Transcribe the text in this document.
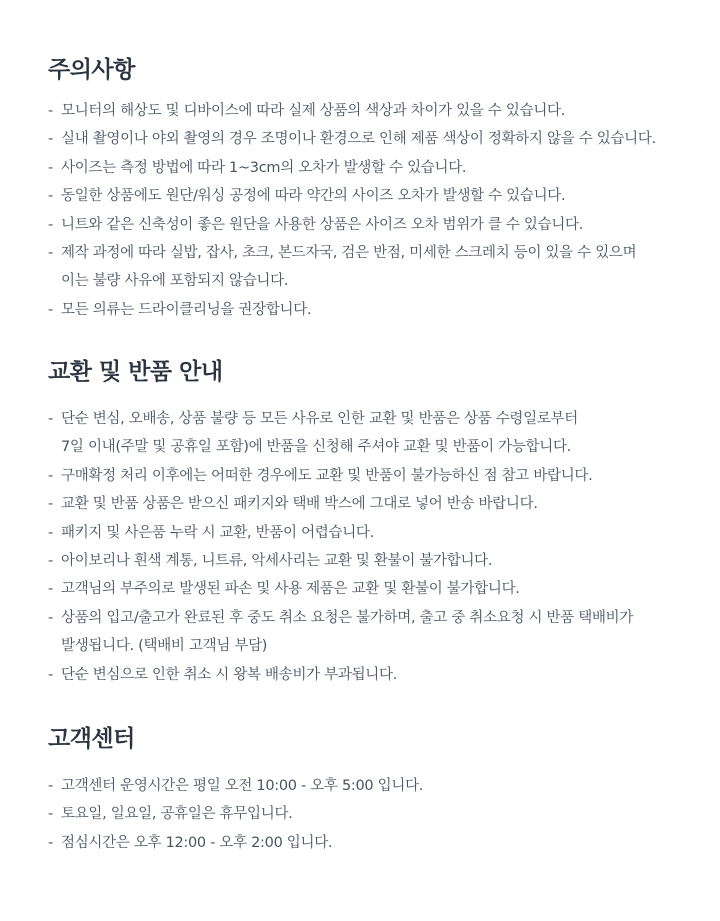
주의사항
- 모니터의 해상도 및 디바이스에 따라 실제 상품의 색상과 차이가 있을 수 있습니다.
- 실내 촬영이나 야외 촬영의 경우 조명이나 환경으로 인해 제품 색상이 정확하지 않을 수 있습니다.
- 사이즈는 측정 방법에 따라 1~3cm의 오차가 발생할 수 있습니다.
- 동일한 상품에도 원단/워싱 공정에 따라 약간의 사이즈 오차가 발생할 수 있습니다.
- 니트와 같은 신축성이 좋은 원단을 사용한 상품은 사이즈 오차 범위가 클 수 있습니다.
- 제작 과정에 따라 실밥, 잡사, 초크, 본드자국, 검은 반점, 미세한 스크레치 등이 있을 수 있으며
이는 불량 사유에 포함되지 않습니다.
- 모든 의류는 드라이클리닝을 권장합니다.
교환 및 반품 안내
- 단순 변심, 오배송, 상품 불량 등 모든 사유로 인한 교환 및 반품은 상품 수령일로부터
7일 이내(주말 및 공휴일 포함)에 반품을 신청해 주셔야 교환 및 반품이 가능합니다.
- 구매확정 처리 이후에는 어떠한 경우에도 교환 및 반품이 불가능하신 점 참고 바랍니다.
- 교환 및 반품 상품은 받으신 패키지와 택배 박스에 그대로 넣어 반송 바랍니다.
- 패키지 및 사은품 누락 시 교환, 반품이 어렵습니다.
- 아이보리나 흰색 계통, 니트류, 악세사리는 교환 및 환불이 불가합니다.
- 고객님의 부주의로 발생된 파손 및 사용 제품은 교환 및 환불이 불가합니다.
- 상품의 입고/출고가 완료된 후 중도 취소 요청은 불가하며, 출고 중 취소요청 시 반품 택배비가
발생됩니다. (택배비 고객님 부담)
- 단순 변심으로 인한 취소 시 왕복 배송비가 부과됩니다.
고객센터
- 고객센터 운영시간은 평일 오전 10:00 - 오후 5:00 입니다.
- 토요일, 일요일, 공휴일은 휴무입니다.
- 점심시간은 오후 12:00 - 오후 2:00 입니다.
